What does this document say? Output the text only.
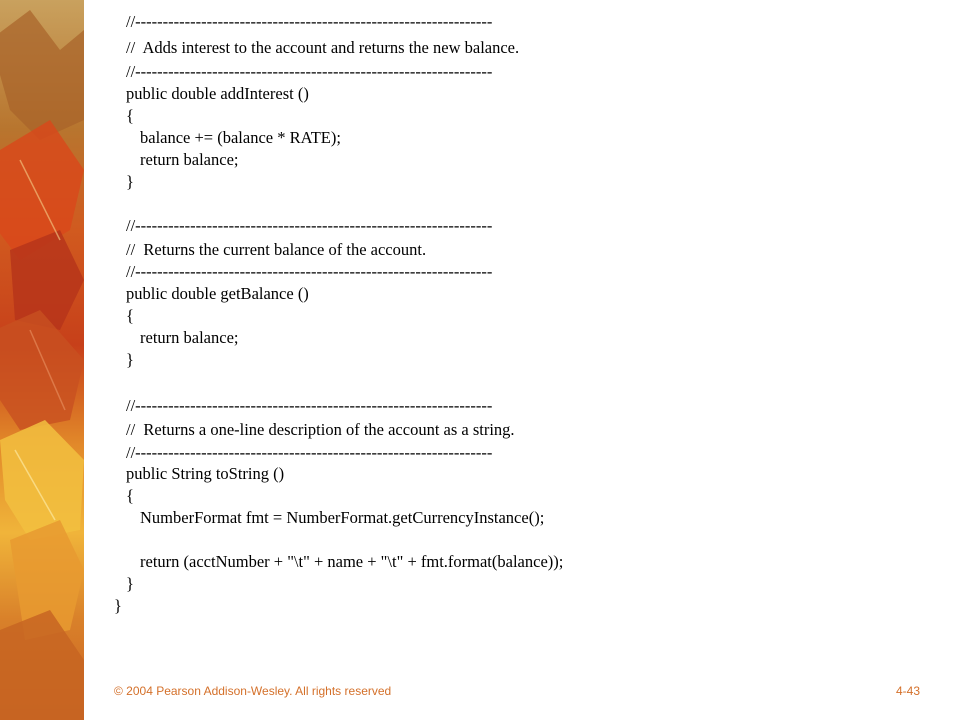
//-----------------------------------------------------------------
//  Adds interest to the account and returns the new balance.
//-----------------------------------------------------------------
public double addInterest ()
{
balance += (balance * RATE);
return balance;
}
//-----------------------------------------------------------------
//  Returns the current balance of the account.
//-----------------------------------------------------------------
public double getBalance ()
{
return balance;
}
//-----------------------------------------------------------------
//  Returns a one-line description of the account as a string.
//-----------------------------------------------------------------
public String toString ()
{
NumberFormat fmt = NumberFormat.getCurrencyInstance();
return (acctNumber + "\t" + name + "\t" + fmt.format(balance));
}
}
© 2004 Pearson Addison-Wesley. All rights reserved	4-43
